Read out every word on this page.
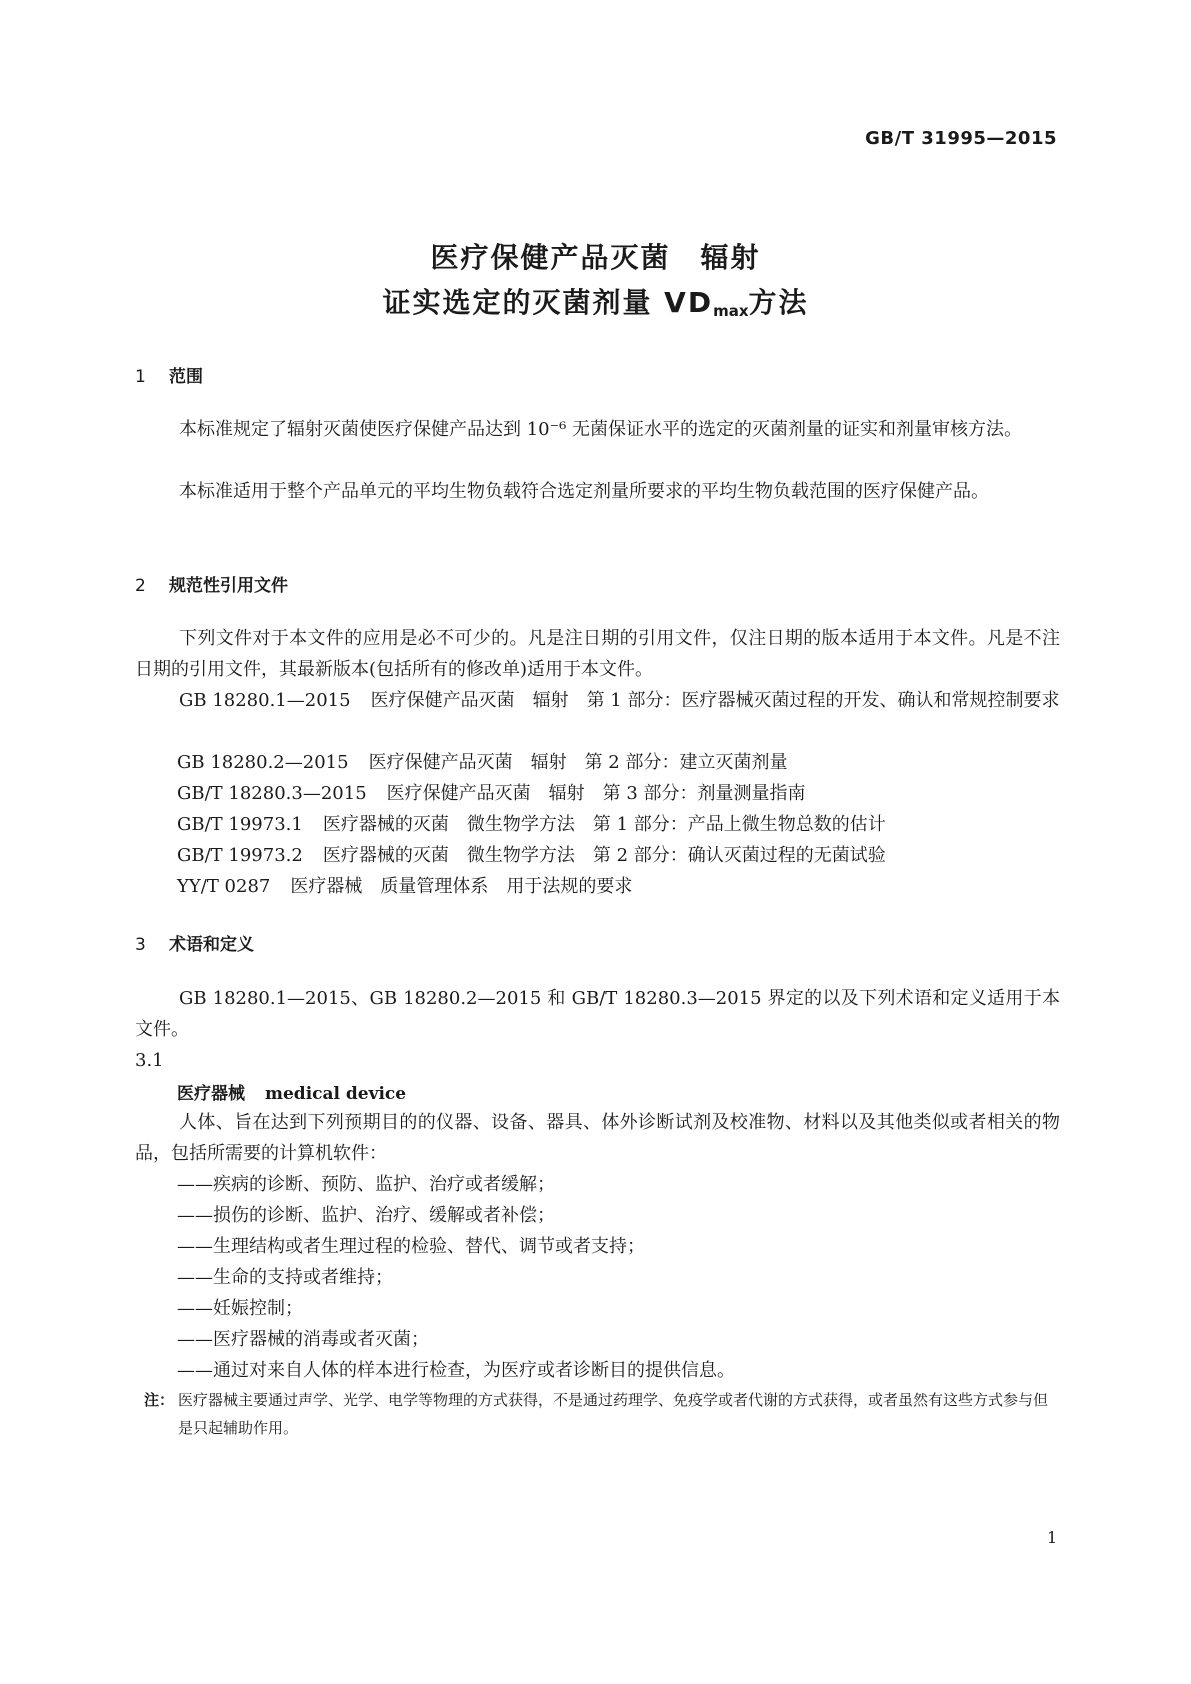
GB/T 31995—2015
医疗保健产品灭菌　辐射
证实选定的灭菌剂量 $VD_{max}$方法
1 范围
本标准规定了辐射灭菌使医疗保健产品达到 10⁻⁶ 无菌保证水平的选定的灭菌剂量的证实和剂量审核方法。
本标准适用于整个产品单元的平均生物负载符合选定剂量所要求的平均生物负载范围的医疗保健产品。
2 规范性引用文件
下列文件对于本文件的应用是必不可少的。凡是注日期的引用文件，仅注日期的版本适用于本文件。凡是不注日期的引用文件，其最新版本(包括所有的修改单)适用于本文件。
GB 18280.1—2015 医疗保健产品灭菌　辐射　第 1 部分：医疗器械灭菌过程的开发、确认和常规控制要求
GB 18280.2—2015 医疗保健产品灭菌　辐射　第 2 部分：建立灭菌剂量
GB/T 18280.3—2015 医疗保健产品灭菌　辐射　第 3 部分：剂量测量指南
GB/T 19973.1 医疗器械的灭菌　微生物学方法　第 1 部分：产品上微生物总数的估计
GB/T 19973.2 医疗器械的灭菌　微生物学方法　第 2 部分：确认灭菌过程的无菌试验
YY/T 0287 医疗器械　质量管理体系　用于法规的要求
3 术语和定义
GB 18280.1—2015、GB 18280.2—2015 和 GB/T 18280.3—2015 界定的以及下列术语和定义适用于本文件。
3.1
医疗器械 medical device
人体、旨在达到下列预期目的的仪器、设备、器具、体外诊断试剂及校准物、材料以及其他类似或者相关的物品，包括所需要的计算机软件：
——疾病的诊断、预防、监护、治疗或者缓解；
——损伤的诊断、监护、治疗、缓解或者补偿；
——生理结构或者生理过程的检验、替代、调节或者支持；
——生命的支持或者维持；
——妊娠控制；
——医疗器械的消毒或者灭菌；
——通过对来自人体的样本进行检查，为医疗或者诊断目的提供信息。
注： 医疗器械主要通过声学、光学、电学等物理的方式获得，不是通过药理学、免疫学或者代谢的方式获得，或者虽然有这些方式参与但是只起辅助作用。
1
